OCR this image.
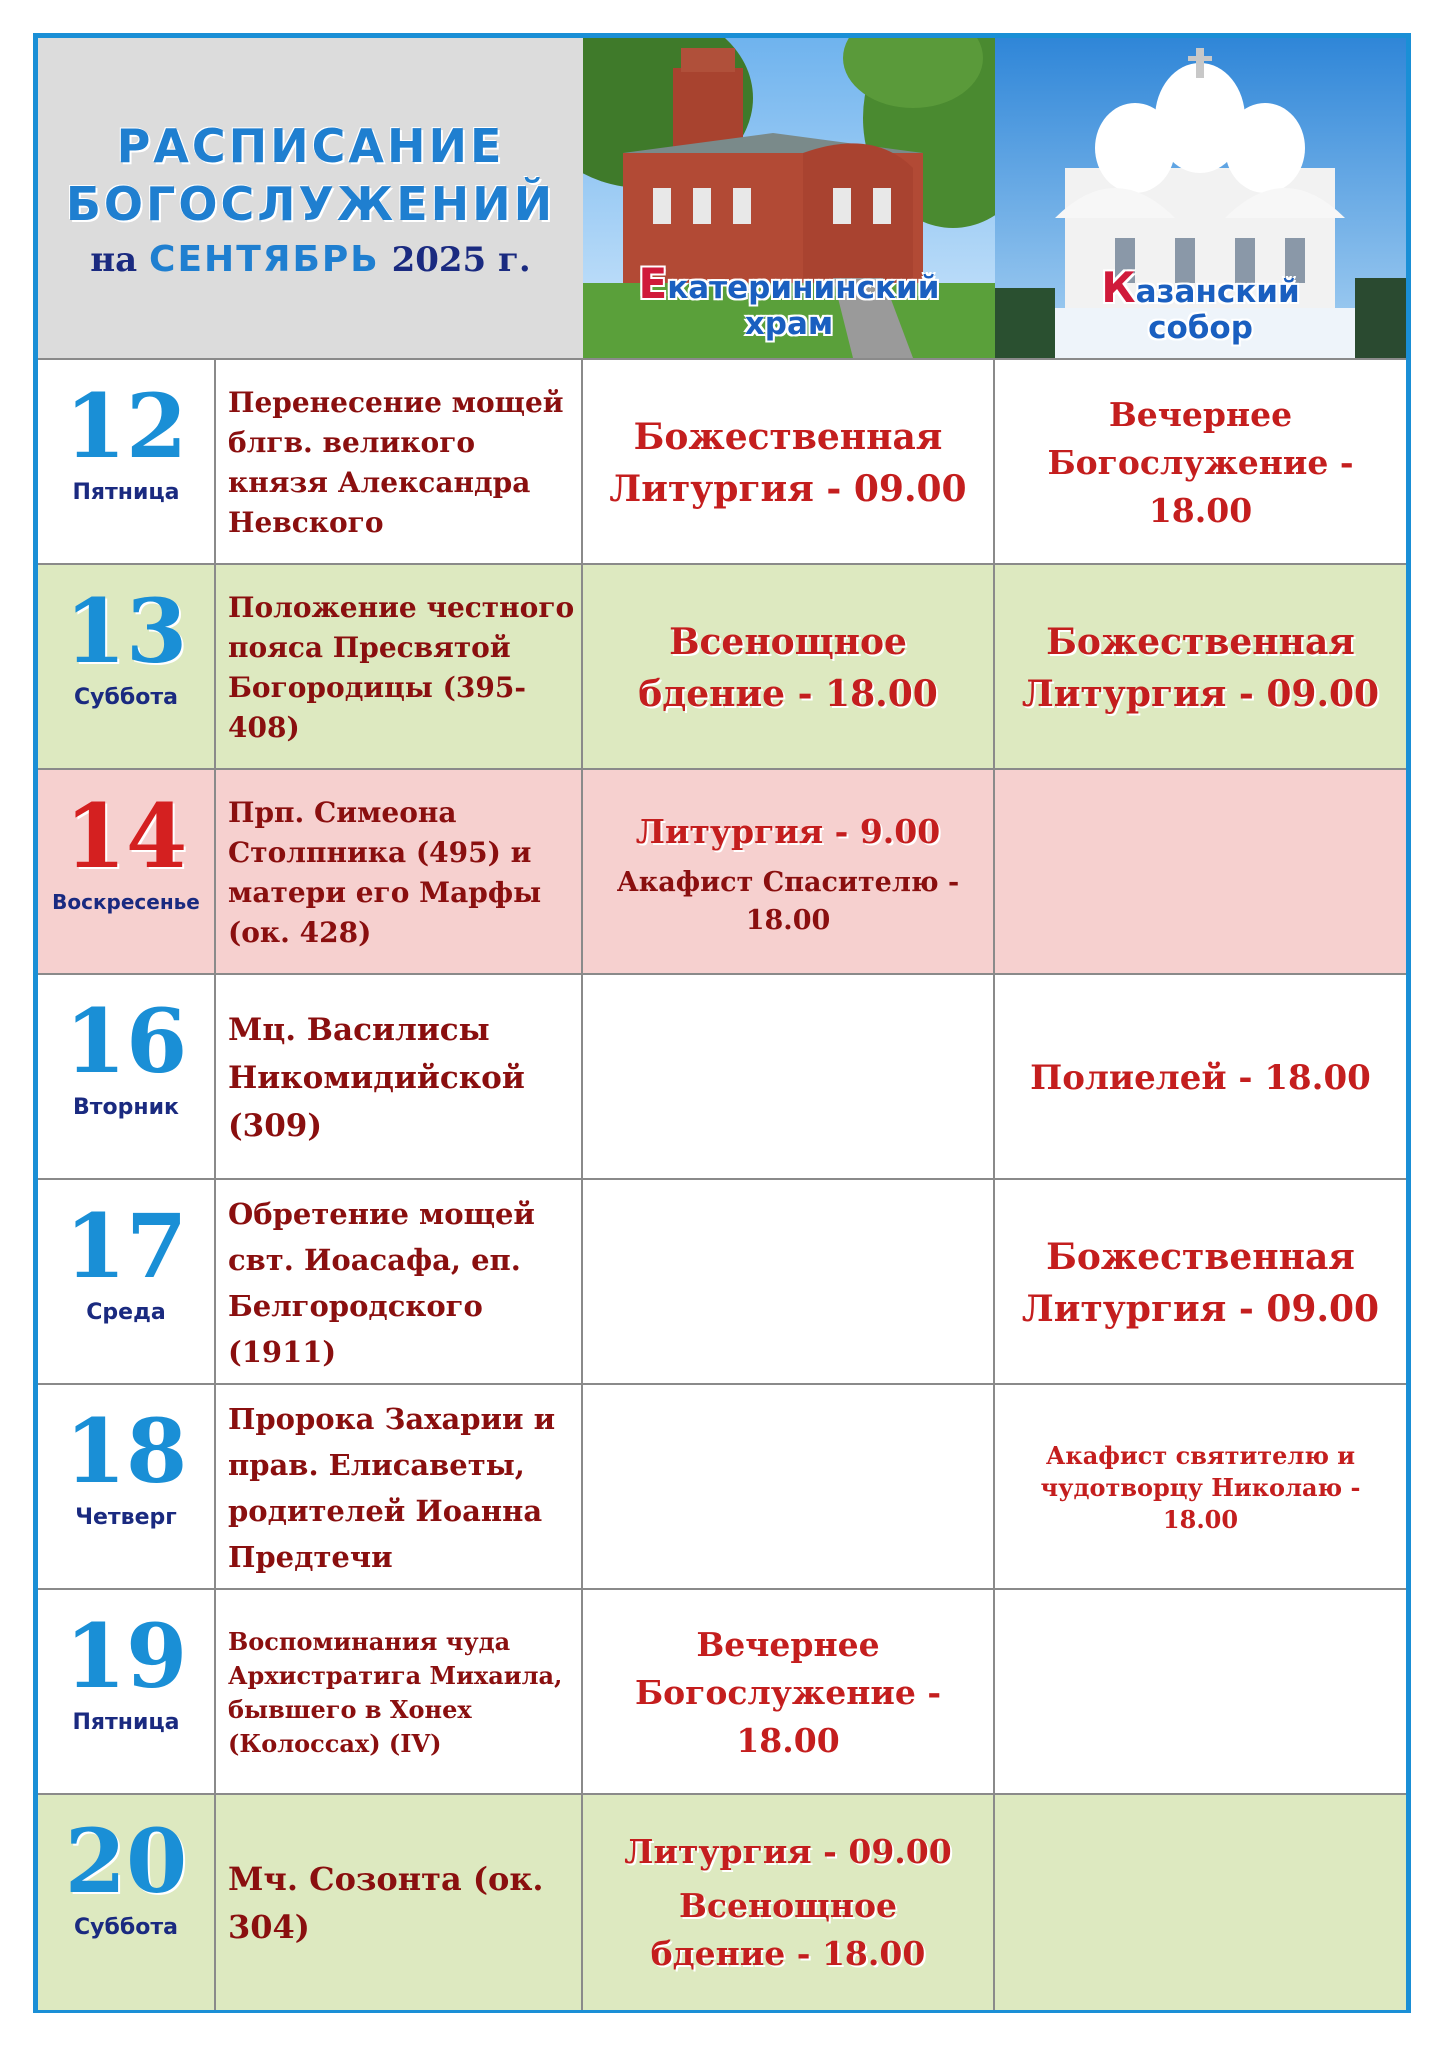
РАСПИСАНИЕ
БОГОСЛУЖЕНИЙ
на СЕНТЯБРЬ 2025 г.	Екатерининский
храм
Казанский
собор
12
Пятница
Перенесение мощей блгв. великого князя Александра Невского
Божественная Литургия - 09.00
Вечернее Богослужение - 18.00
13
Суббота
Положение честного пояса Пресвятой Богородицы (395-408)
Всенощное бдение - 18.00
Божественная Литургия - 09.00
14
Воскресенье
Прп. Симеона Столпника (495) и матери его Марфы (ок. 428)
Литургия - 9.00
Акафист Спасителю - 18.00
16
Вторник
Мц. Василисы Никомидийской (309)
Полиелей - 18.00
17
Среда
Обретение мощей свт. Иоасафа, еп. Белгородского (1911)
Божественная Литургия - 09.00
18
Четверг
Пророка Захарии и прав. Елисаветы, родителей Иоанна Предтечи
Акафист святителю и чудотворцу Николаю - 18.00
19
Пятница
Воспоминания чуда Архистратига Михаила, бывшего в Хонех (Колоссах) (IV)
Вечернее Богослужение - 18.00
20
Суббота
Мч. Созонта (ок. 304)
Литургия - 09.00
Всенощное бдение - 18.00
